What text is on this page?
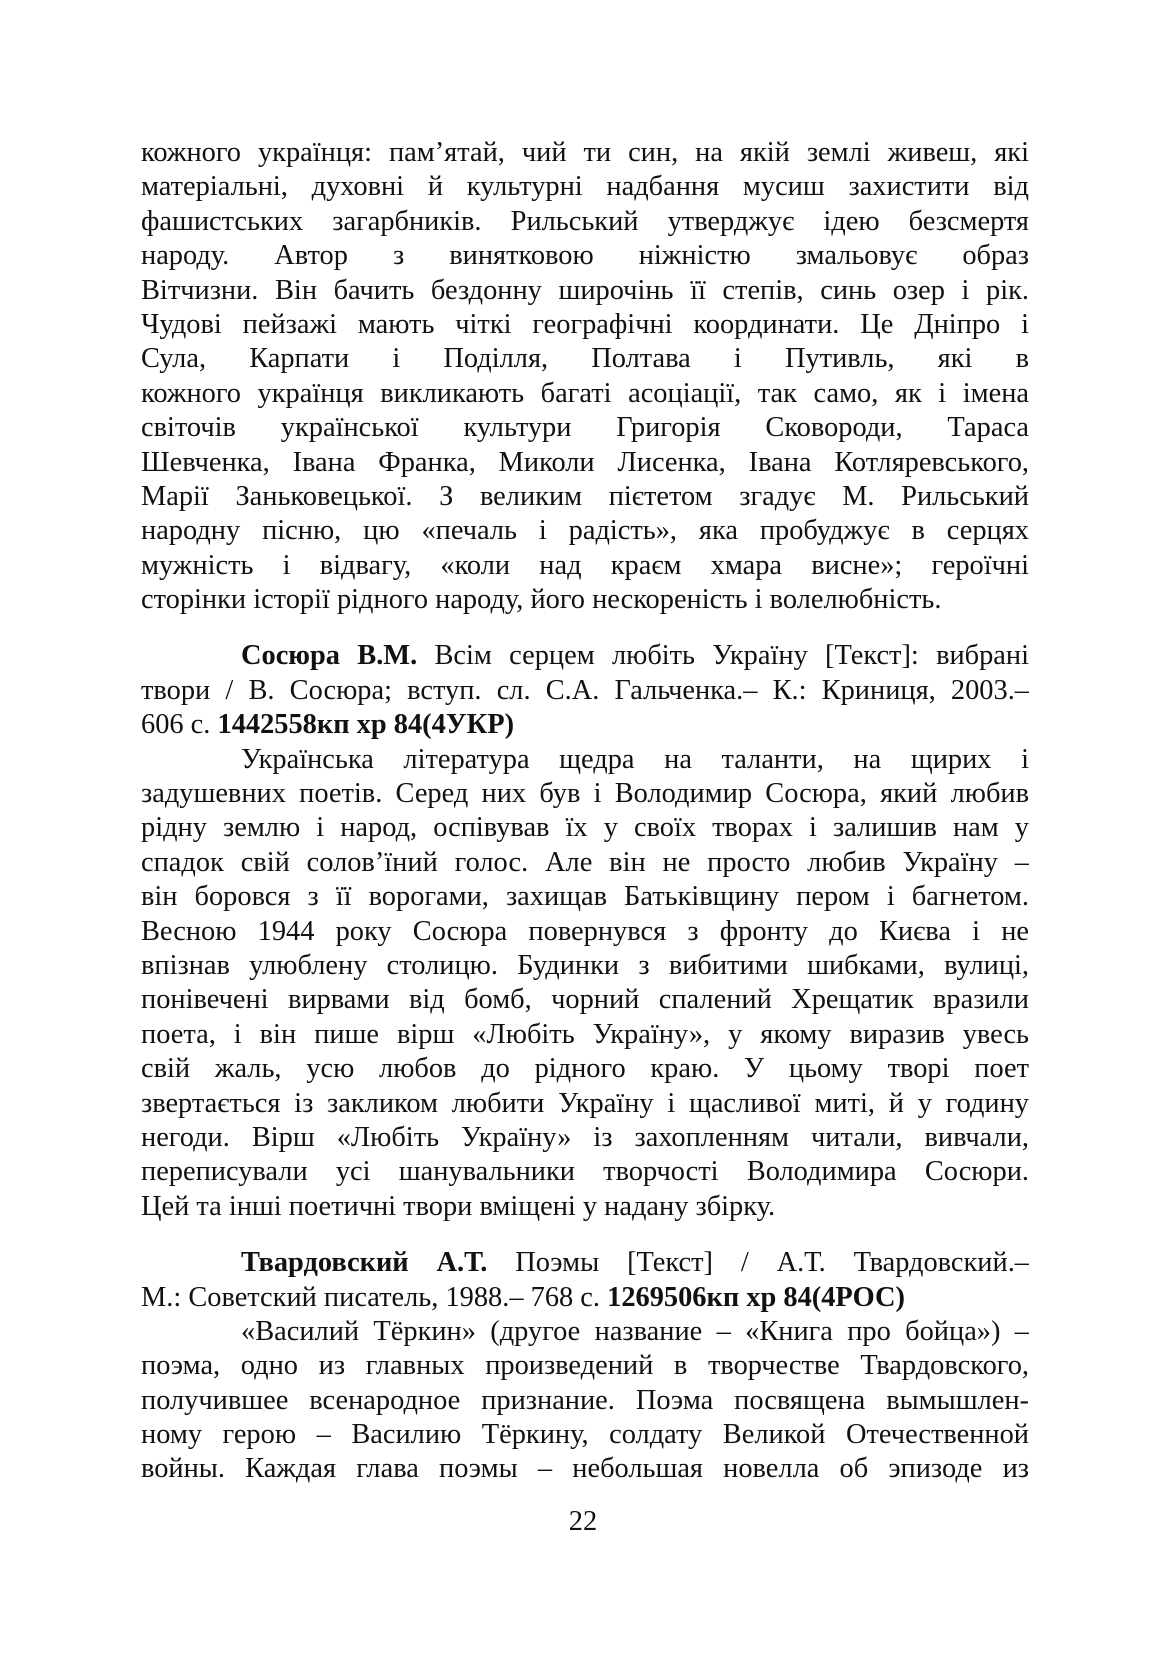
кожного українця: пам’ятай, чий ти син, на якій землі живеш, які
матеріальні, духовні й культурні надбання мусиш захистити від
фашистських загарбників. Рильський утверджує ідею безсмертя
народу. Автор з винятковою ніжністю змальовує образ
Вітчизни. Він бачить бездонну широчінь її степів, синь озер і рік.
Чудові пейзажі мають чіткі географічні координати. Це Дніпро і
Сула, Карпати і Поділля, Полтава і Путивль, які в
кожного українця викликають багаті асоціації, так само, як і імена
світочів української культури Григорія Сковороди, Тараса
Шевченка, Івана Франка, Миколи Лисенка, Івана Котляревського,
Марії Заньковецької. З великим пієтетом згадує М. Рильський
народну пісню, цю «печаль і радість», яка пробуджує в серцях
мужність і відвагу, «коли над краєм хмара висне»; героїчні
сторінки історії рідного народу, його нескореність і волелюбність.
Сосюра В.М. Всім серцем любіть Україну [Текст]: вибрані
твори / В. Сосюра; вступ. сл. С.А. Гальченка.– К.: Криниця, 2003.–
606 с. 1442558кп хр 84(4УКР)
Українська література щедра на таланти, на щирих і
задушевних поетів. Серед них був і Володимир Сосюра, який любив
рідну землю і народ, оспівував їх у своїх творах і залишив нам у
спадок свій солов’їний голос. Але він не просто любив Україну –
він боровся з її ворогами, захищав Батьківщину пером і багнетом.
Весною 1944 року Сосюра повернувся з фронту до Києва і не
впізнав улюблену столицю. Будинки з вибитими шибками, вулиці,
понівечені вирвами від бомб, чорний спалений Хрещатик вразили
поета, і він пише вірш «Любіть Україну», у якому виразив увесь
свій жаль, усю любов до рідного краю. У цьому творі поет
звертається із закликом любити Україну і щасливої миті, й у годину
негоди. Вірш «Любіть Україну» із захопленням читали, вивчали,
переписували усі шанувальники творчості Володимира Сосюри.
Цей та інші поетичні твори вміщені у надану збірку.
Твардовский А.Т. Поэмы [Текст] / А.Т. Твардовский.–
М.: Советский писатель, 1988.– 768 с. 1269506кп хр 84(4РОС)
«Василий Тёркин» (другое название – «Книга про бойца») –
поэма, одно из главных произведений в творчестве Твардовского,
получившее всенародное признание. Поэма посвящена вымышлен-
ному герою – Василию Тёркину, солдату Великой Отечественной
войны. Каждая глава поэмы – небольшая новелла об эпизоде из
22
